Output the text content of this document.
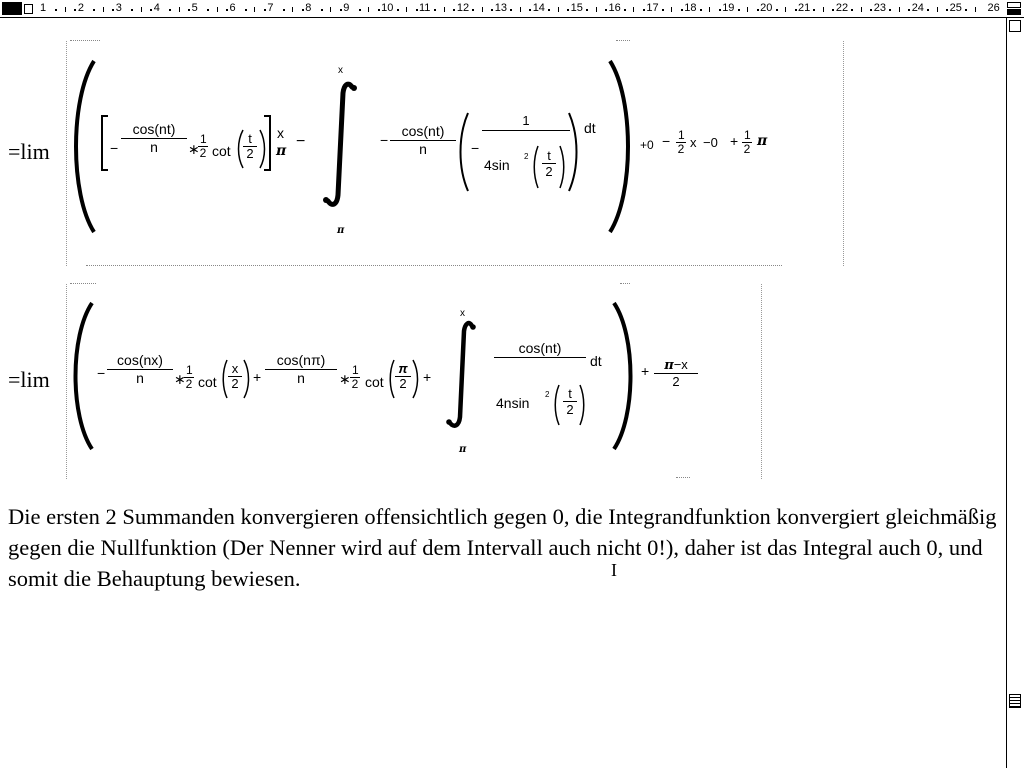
1	2	3	4	5	6	7	8	9	10 11 12 13 14 15 16 17 18 19 20 21 22 23 24 25 26
=lim	− $\frac{\cos(nt)}{n}$ ∗
$\frac{1}{2}$ $\cot \frac{t}{2}$ x
π
−
x
π
− $\frac{\cos(nt)}{n}$ −
1
4sin
$2 \frac{t}{2}$
dt
$+0 - \frac{1}{2}$ $x -0 + \frac{1}{2}$ π
=lim	− $\frac{\cos(nx)}{n}$ ∗
$\frac{1}{2}$ $\cot \frac{x}{2} + \frac{\cos(n\pi)}{n}$ ∗ $\frac{1}{2}$ $\cot \frac{\pi}{2}$ +
x
π
cos(nt)
4nsin
$2 \frac{t}{2}$
dt
+ $\frac{\pi-x}{2}$
Die ersten 2 Summanden konvergieren offensichtlich gegen 0, die Integrandfunktion konvergiert gleichmäßig gegen die Nullfunktion (Der Nenner wird auf dem Intervall auch nicht 0!), daher ist das Integral auch 0, und somit die Behauptung bewiesen.	I
